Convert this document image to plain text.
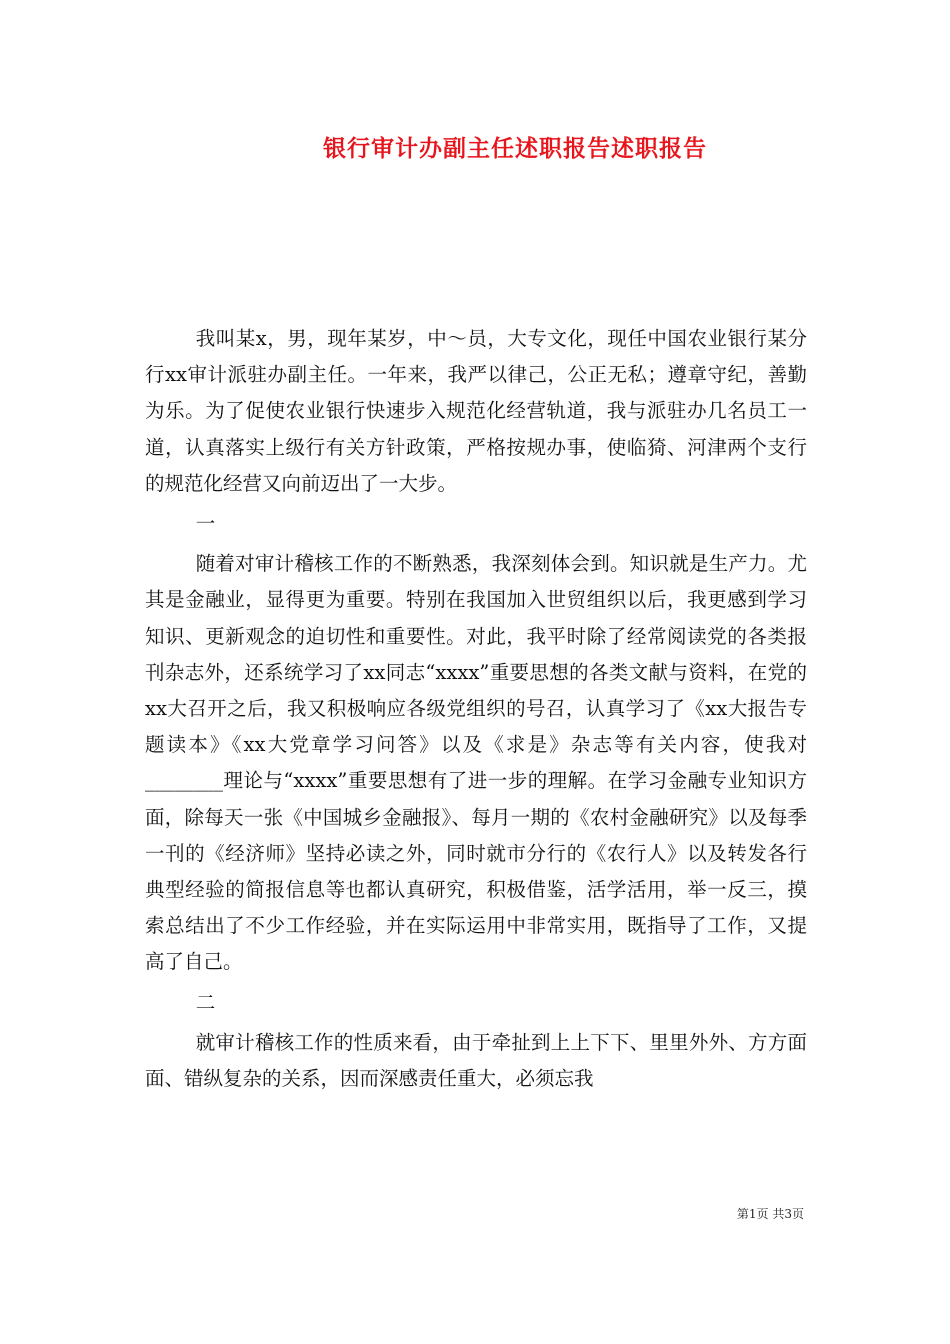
银行审计办副主任述职报告述职报告

我叫某x，男，现年某岁，中～员，大专文化，现任中国农业银行某分行xx审计派驻办副主任。一年来，我严以律己，公正无私；遵章守纪，善勤为乐。为了促使农业银行快速步入规范化经营轨道，我与派驻办几名员工一道，认真落实上级行有关方针政策，严格按规办事，使临猗、河津两个支行的规范化经营又向前迈出了一大步。

一

随着对审计稽核工作的不断熟悉，我深刻体会到。知识就是生产力。尤其是金融业，显得更为重要。特别在我国加入世贸组织以后，我更感到学习知识、更新观念的迫切性和重要性。对此，我平时除了经常阅读党的各类报刊杂志外，还系统学习了xx同志“xxxx”重要思想的各类文献与资料，在党的xx大召开之后，我又积极响应各级党组织的号召，认真学习了《xx大报告专题读本》《xx大党章学习问答》以及《求是》杂志等有关内容，使我对________理论与“xxxx”重要思想有了进一步的理解。在学习金融专业知识方面，除每天一张《中国城乡金融报》、每月一期的《农村金融研究》以及每季一刊的《经济师》坚持必读之外，同时就市分行的《农行人》以及转发各行典型经验的简报信息等也都认真研究，积极借鉴，活学活用，举一反三，摸索总结出了不少工作经验，并在实际运用中非常实用，既指导了工作，又提高了自己。

二

就审计稽核工作的性质来看，由于牵扯到上上下下、里里外外、方方面面、错纵复杂的关系，因而深感责任重大，必须忘我

第1页 共3页
